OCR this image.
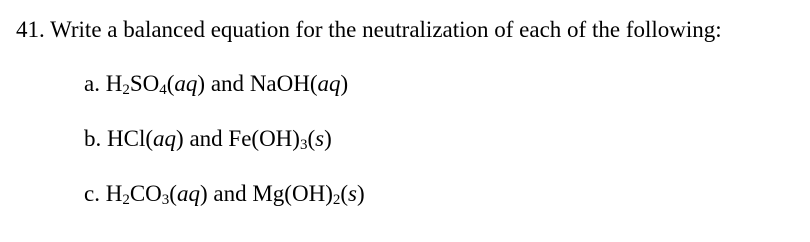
41. Write a balanced equation for the neutralization of each of the following:
a. $H_2SO_4(aq)$ and NaOH(aq)
b. HCl(aq) and $Fe(OH)_3(s)$
c. $H_2CO_3(aq)$ and $Mg(OH)_2(s)$
